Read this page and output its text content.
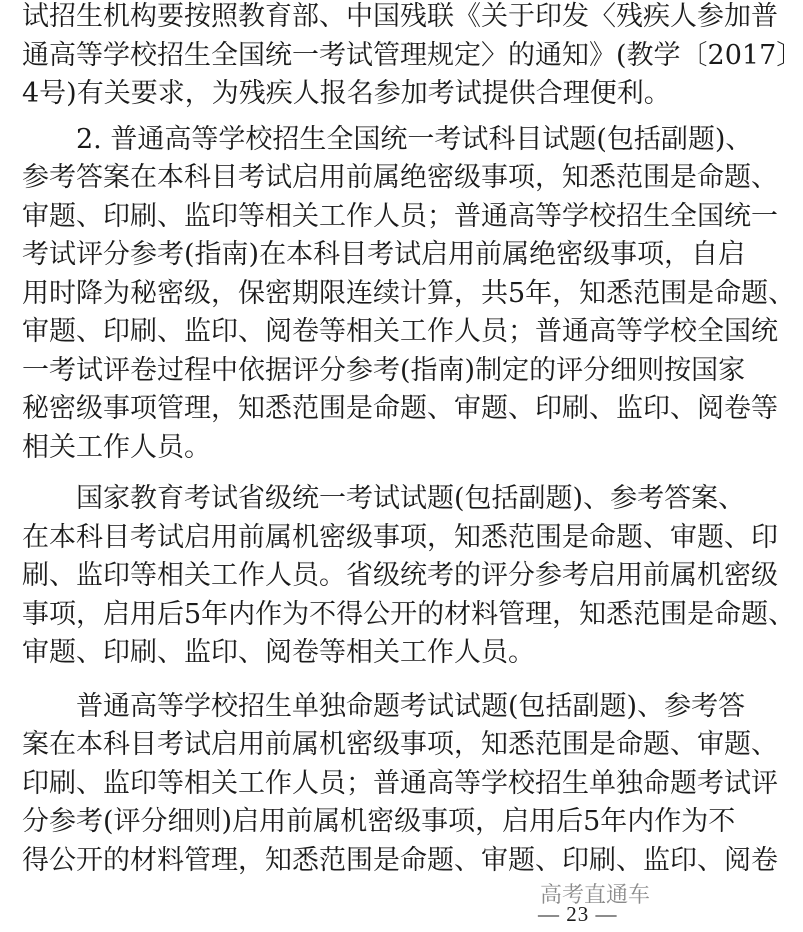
试招生机构要按照教育部、中国残联《关于印发〈残疾人参加普
通高等学校招生全国统一考试管理规定〉的通知》(教学〔2017〕
4号)有关要求，为残疾人报名参加考试提供合理便利。
2. 普通高等学校招生全国统一考试科目试题(包括副题)、
参考答案在本科目考试启用前属绝密级事项，知悉范围是命题、
审题、印刷、监印等相关工作人员；普通高等学校招生全国统一
考试评分参考(指南)在本科目考试启用前属绝密级事项，自启
用时降为秘密级，保密期限连续计算，共5年，知悉范围是命题、
审题、印刷、监印、阅卷等相关工作人员；普通高等学校全国统
一考试评卷过程中依据评分参考(指南)制定的评分细则按国家
秘密级事项管理，知悉范围是命题、审题、印刷、监印、阅卷等
相关工作人员。
国家教育考试省级统一考试试题(包括副题)、参考答案、
在本科目考试启用前属机密级事项，知悉范围是命题、审题、印
刷、监印等相关工作人员。省级统考的评分参考启用前属机密级
事项，启用后5年内作为不得公开的材料管理，知悉范围是命题、
审题、印刷、监印、阅卷等相关工作人员。
普通高等学校招生单独命题考试试题(包括副题)、参考答
案在本科目考试启用前属机密级事项，知悉范围是命题、审题、
印刷、监印等相关工作人员；普通高等学校招生单独命题考试评
分参考(评分细则)启用前属机密级事项，启用后5年内作为不
得公开的材料管理，知悉范围是命题、审题、印刷、监印、阅卷
高考直通车
— 23 —
